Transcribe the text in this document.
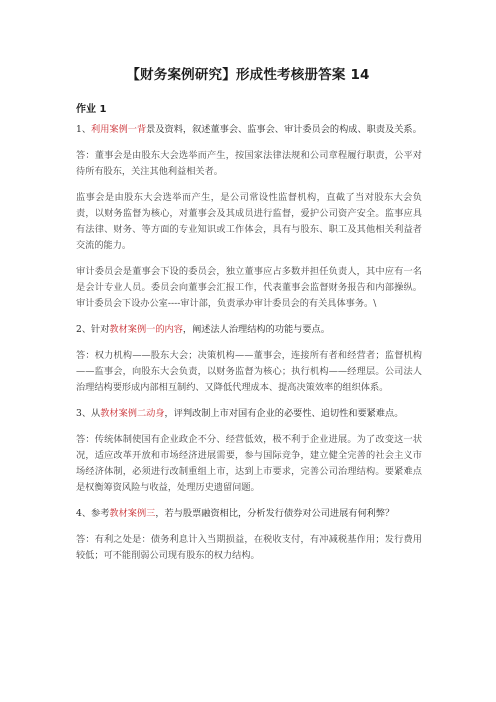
【财务案例研究】形成性考核册答案 14
作业 1

1、利用案例一背景及资料，叙述董事会、监事会、审计委员会的构成、职责及关系。

答：董事会是由股东大会选举而产生，按国家法律法规和公司章程履行职责，公平对待所有股东，关注其他利益相关者。

监事会是由股东大会选举而产生，是公司常设性监督机构，直截了当对股东大会负责，以财务监督为核心，对董事会及其成员进行监督，爱护公司资产安全。监事应具有法律、财务、等方面的专业知识或工作体会，具有与股东、职工及其他相关利益者交流的能力。

审计委员会是董事会下设的委员会，独立董事应占多数并担任负责人，其中应有一名是会计专业人员。委员会向董事会汇报工作，代表董事会监督财务报告和内部操纵。审计委员会下设办公室----审计部，负责承办审计委员会的有关具体事务。\

2、针对教材案例一的内容，阐述法人治理结构的功能与要点。

答：权力机构——股东大会；决策机构——董事会，连接所有者和经营者；监督机构——监事会，向股东大会负责，以财务监督为核心；执行机构——经理层。公司法人治理结构要形成内部相互制约、又降低代理成本、提高决策效率的组织体系。

3、从教材案例二动身，评判改制上市对国有企业的必要性、追切性和要紧难点。

答：传统体制使国有企业政企不分、经营低效，极不利于企业进展。为了改变这一状况，适应改革开放和市场经济进展需要，参与国际竞争，建立健全完善的社会主义市场经济体制，必须进行改制重组上市，达到上市要求，完善公司治理结构。要紧难点是权衡筹资风险与收益，处理历史遗留问题。

4、参考教材案例三，若与股票融资相比，分析发行债券对公司进展有何利弊？

答：有利之处是：债务利息计入当期损益，在税收支付，有冲减税基作用；发行费用较低；可不能削弱公司现有股东的权力结构。
